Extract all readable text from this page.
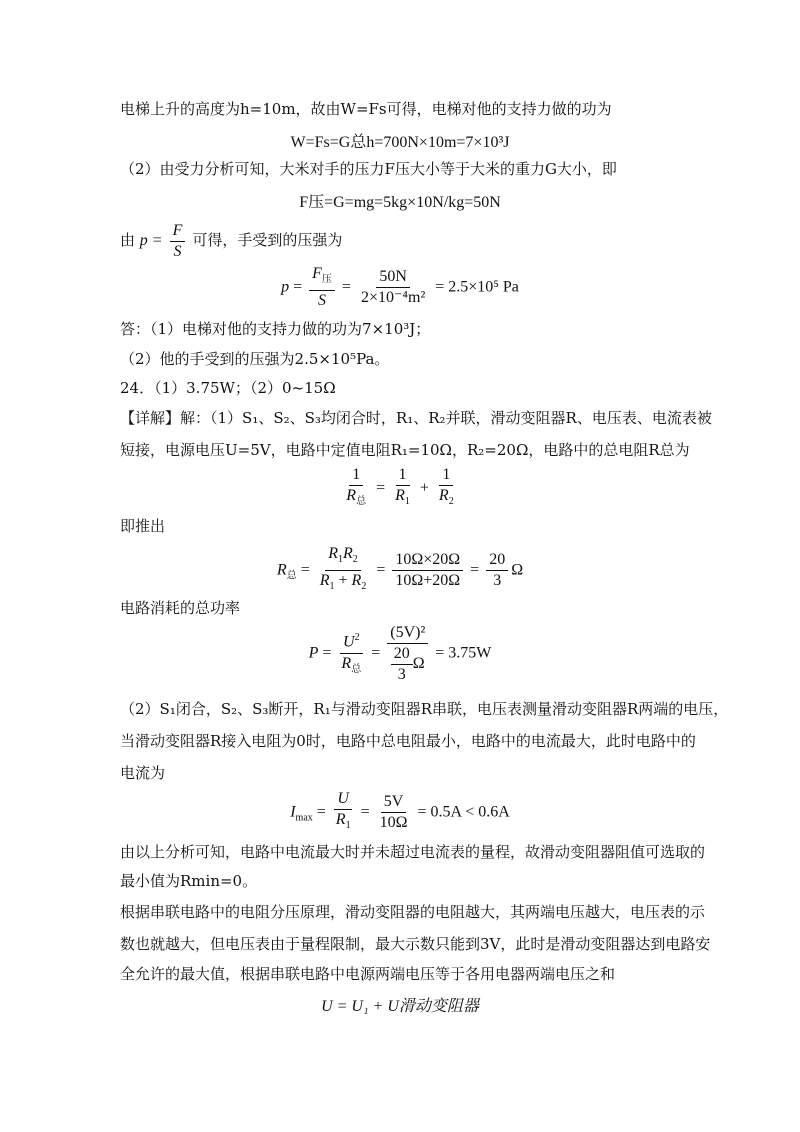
电梯上升的高度为h=10m，故由W=Fs可得，电梯对他的支持力做的功为
W=Fs=G总h=700N×10m=7×10³J
（2）由受力分析可知，大米对手的压力F压大小等于大米的重力G大小，即
F压=G=mg=5kg×10N/kg=50N
由 $p = \frac{F}{S}$ 可得，手受到的压强为
$p = \frac{F_压}{S} = \frac{50N}{\text{2×10⁻⁴m²}} = 2.5\times 10^5$ Pa
答：（1）电梯对他的支持力做的功为7×10³J；
（2）他的手受到的压强为2.5×10⁵Pa。
24．（1）3.75W；（2）0~15Ω
【详解】解：（1）S₁、S₂、S₃均闭合时，R₁、R₂并联，滑动变阻器R、电压表、电流表被
短接，电源电压U=5V，电路中定值电阻R₁=10Ω，R₂=20Ω，电路中的总电阻R总为
$\frac{1}{R_总} = \frac{1}{R_1} + \frac{1}{R_2}$
即推出
$R_总 = \frac{R_1R_2}{R_1 + R_2} = \frac{10\Omega\times 20\Omega}{10\Omega+20\Omega} = \frac{20}{3}$ Ω
电路消耗的总功率
$P = \frac{U^2}{R_总} = \frac{\text{(5V)²}}{\frac{20}{3} \Omega} = 3.75W$
（2）S₁闭合，S₂、S₃断开，R₁与滑动变阻器R串联，电压表测量滑动变阻器R两端的电压，
当滑动变阻器R接入电阻为0时，电路中总电阻最小，电路中的电流最大，此时电路中的
电流为
$I_{max} = \frac{U}{R_1} = \frac{5V}{10\Omega} = 0.5A < 0.6A$
由以上分析可知，电路中电流最大时并未超过电流表的量程，故滑动变阻器阻值可选取的
最小值为Rmin=0。
根据串联电路中的电阻分压原理，滑动变阻器的电阻越大，其两端电压越大，电压表的示
数也就越大，但电压表由于量程限制，最大示数只能到3V，此时是滑动变阻器达到电路安
全允许的最大值，根据串联电路中电源两端电压等于各用电器两端电压之和
U = U₁ + U滑动变阻器
